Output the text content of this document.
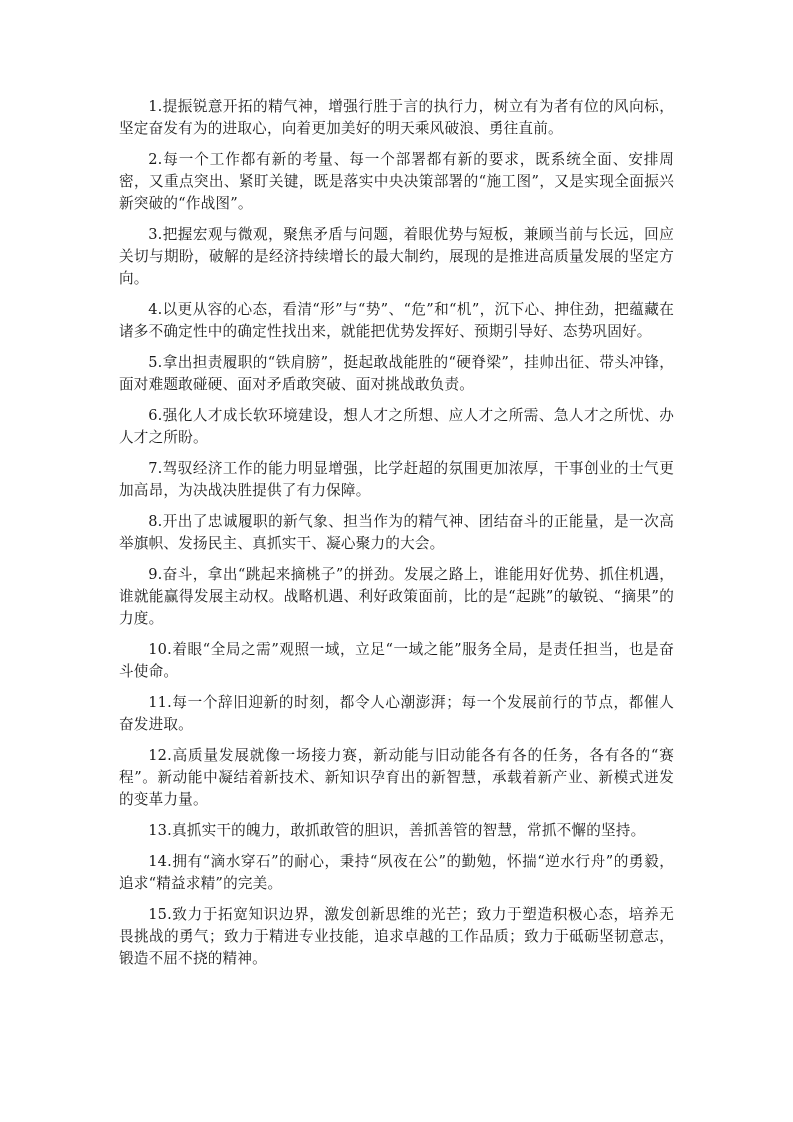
1.提振锐意开拓的精气神，增强行胜于言的执行力，树立有为者有位的风向标，坚定奋发有为的进取心，向着更加美好的明天乘风破浪、勇往直前。

2.每一个工作都有新的考量、每一个部署都有新的要求，既系统全面、安排周密，又重点突出、紧盯关键，既是落实中央决策部署的“施工图”，又是实现全面振兴新突破的“作战图”。

3.把握宏观与微观，聚焦矛盾与问题，着眼优势与短板，兼顾当前与长远，回应关切与期盼，破解的是经济持续增长的最大制约，展现的是推进高质量发展的坚定方向。

4.以更从容的心态，看清“形”与“势”、“危”和“机”，沉下心、抻住劲，把蕴藏在诸多不确定性中的确定性找出来，就能把优势发挥好、预期引导好、态势巩固好。

5.拿出担责履职的“铁肩膀”，挺起敢战能胜的“硬脊梁”，挂帅出征、带头冲锋，面对难题敢碰硬、面对矛盾敢突破、面对挑战敢负责。

6.强化人才成长软环境建设，想人才之所想、应人才之所需、急人才之所忧、办人才之所盼。

7.驾驭经济工作的能力明显增强，比学赶超的氛围更加浓厚，干事创业的士气更加高昂，为决战决胜提供了有力保障。

8.开出了忠诚履职的新气象、担当作为的精气神、团结奋斗的正能量，是一次高举旗帜、发扬民主、真抓实干、凝心聚力的大会。

9.奋斗，拿出“跳起来摘桃子”的拼劲。发展之路上，谁能用好优势、抓住机遇，谁就能赢得发展主动权。战略机遇、利好政策面前，比的是“起跳”的敏锐、“摘果”的力度。

10.着眼“全局之需”观照一域，立足“一域之能”服务全局，是责任担当，也是奋斗使命。

11.每一个辞旧迎新的时刻，都令人心潮澎湃；每一个发展前行的节点，都催人奋发进取。

12.高质量发展就像一场接力赛，新动能与旧动能各有各的任务，各有各的“赛程”。新动能中凝结着新技术、新知识孕育出的新智慧，承载着新产业、新模式迸发的变革力量。

13.真抓实干的魄力，敢抓敢管的胆识，善抓善管的智慧，常抓不懈的坚持。

14.拥有“滴水穿石”的耐心，秉持“夙夜在公”的勤勉，怀揣“逆水行舟”的勇毅，追求“精益求精”的完美。

15.致力于拓宽知识边界，激发创新思维的光芒；致力于塑造积极心态，培养无畏挑战的勇气；致力于精进专业技能，追求卓越的工作品质；致力于砥砺坚韧意志，锻造不屈不挠的精神。
